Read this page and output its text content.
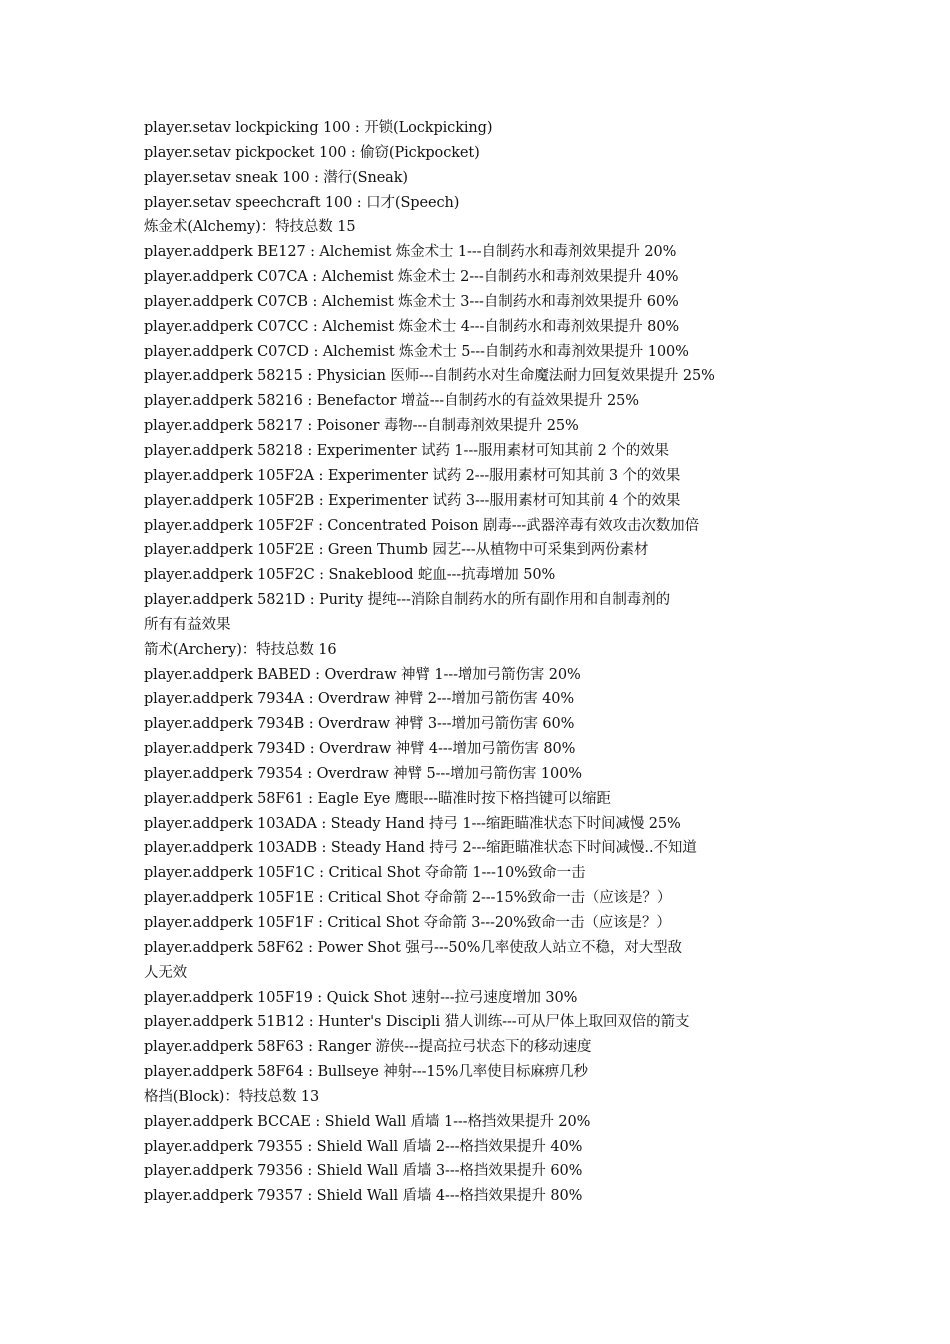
player.setav lockpicking 100 : 开锁(Lockpicking)
player.setav pickpocket 100 : 偷窃(Pickpocket)
player.setav sneak 100 : 潜行(Sneak)
player.setav speechcraft 100 : 口才(Speech)
炼金术(Alchemy)：特技总数 15
player.addperk BE127 : Alchemist 炼金术士 1---自制药水和毒剂效果提升 20%
player.addperk C07CA : Alchemist 炼金术士 2---自制药水和毒剂效果提升 40%
player.addperk C07CB : Alchemist 炼金术士 3---自制药水和毒剂效果提升 60%
player.addperk C07CC : Alchemist 炼金术士 4---自制药水和毒剂效果提升 80%
player.addperk C07CD : Alchemist 炼金术士 5---自制药水和毒剂效果提升 100%
player.addperk 58215 : Physician 医师---自制药水对生命魔法耐力回复效果提升 25%
player.addperk 58216 : Benefactor 增益---自制药水的有益效果提升 25%
player.addperk 58217 : Poisoner 毒物---自制毒剂效果提升 25%
player.addperk 58218 : Experimenter 试药 1---服用素材可知其前 2 个的效果
player.addperk 105F2A : Experimenter 试药 2---服用素材可知其前 3 个的效果
player.addperk 105F2B : Experimenter 试药 3---服用素材可知其前 4 个的效果
player.addperk 105F2F : Concentrated Poison 剧毒---武器淬毒有效攻击次数加倍
player.addperk 105F2E : Green Thumb 园艺---从植物中可采集到两份素材
player.addperk 105F2C : Snakeblood 蛇血---抗毒增加 50%
player.addperk 5821D : Purity 提纯---消除自制药水的所有副作用和自制毒剂的
所有有益效果
箭术(Archery)：特技总数 16
player.addperk BABED : Overdraw 神臂 1---增加弓箭伤害 20%
player.addperk 7934A : Overdraw 神臂 2---增加弓箭伤害 40%
player.addperk 7934B : Overdraw 神臂 3---增加弓箭伤害 60%
player.addperk 7934D : Overdraw 神臂 4---增加弓箭伤害 80%
player.addperk 79354 : Overdraw 神臂 5---增加弓箭伤害 100%
player.addperk 58F61 : Eagle Eye 鹰眼---瞄准时按下格挡键可以缩距
player.addperk 103ADA : Steady Hand 持弓 1---缩距瞄准状态下时间减慢 25%
player.addperk 103ADB : Steady Hand 持弓 2---缩距瞄准状态下时间减慢..不知道
player.addperk 105F1C : Critical Shot 夺命箭 1---10%致命一击
player.addperk 105F1E : Critical Shot 夺命箭 2---15%致命一击（应该是？）
player.addperk 105F1F : Critical Shot 夺命箭 3---20%致命一击（应该是？）
player.addperk 58F62 : Power Shot 强弓---50%几率使敌人站立不稳，对大型敌
人无效
player.addperk 105F19 : Quick Shot 速射---拉弓速度增加 30%
player.addperk 51B12 : Hunter's Discipli 猎人训练---可从尸体上取回双倍的箭支
player.addperk 58F63 : Ranger 游侠---提高拉弓状态下的移动速度
player.addperk 58F64 : Bullseye 神射---15%几率使目标麻痹几秒
格挡(Block)：特技总数 13
player.addperk BCCAE : Shield Wall 盾墙 1---格挡效果提升 20%
player.addperk 79355 : Shield Wall 盾墙 2---格挡效果提升 40%
player.addperk 79356 : Shield Wall 盾墙 3---格挡效果提升 60%
player.addperk 79357 : Shield Wall 盾墙 4---格挡效果提升 80%
